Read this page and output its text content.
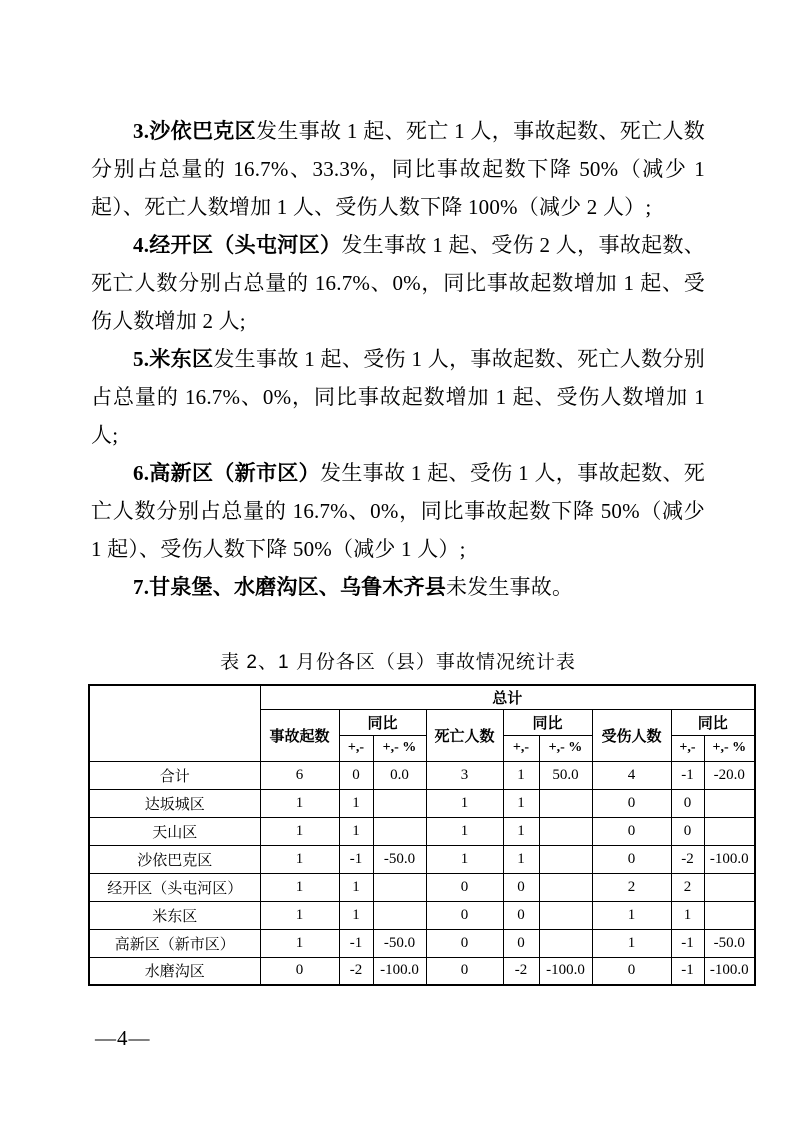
3.沙依巴克区发生事故 1 起、死亡 1 人，事故起数、死亡人数分别占总量的 16.7%、33.3%，同比事故起数下降 50%（减少 1 起）、死亡人数增加 1 人、受伤人数下降 100%（减少 2 人）;

4.经开区（头屯河区）发生事故 1 起、受伤 2 人，事故起数、死亡人数分别占总量的 16.7%、0%，同比事故起数增加 1 起、受伤人数增加 2 人;

5.米东区发生事故 1 起、受伤 1 人，事故起数、死亡人数分别占总量的 16.7%、0%，同比事故起数增加 1 起、受伤人数增加 1 人;

6.高新区（新市区）发生事故 1 起、受伤 1 人，事故起数、死亡人数分别占总量的 16.7%、0%，同比事故起数下降 50%（减少 1 起）、受伤人数下降 50%（减少 1 人）;

7.甘泉堡、水磨沟区、乌鲁木齐县未发生事故。

表 2、1 月份各区（县）事故情况统计表
	总计								
	事故起数	同比		死亡人数	同比		受伤人数	同比	
		+,-	+,- %		+,-	+,- %		+,-	+,- %
合计	6	0	0.0	3	1	50.0	4	-1	-20.0
达坂城区	1	1		1	1		0	0	
天山区	1	1		1	1		0	0	
沙依巴克区	1	-1	-50.0	1	1		0	-2	-100.0
经开区（头屯河区）	1	1		0	0		2	2	
米东区	1	1		0	0		1	1	
高新区（新市区）	1	-1	-50.0	0	0		1	-1	-50.0
水磨沟区	0	-2	-100.0	0	-2	-100.0	0	-1	-100.0
—4—
